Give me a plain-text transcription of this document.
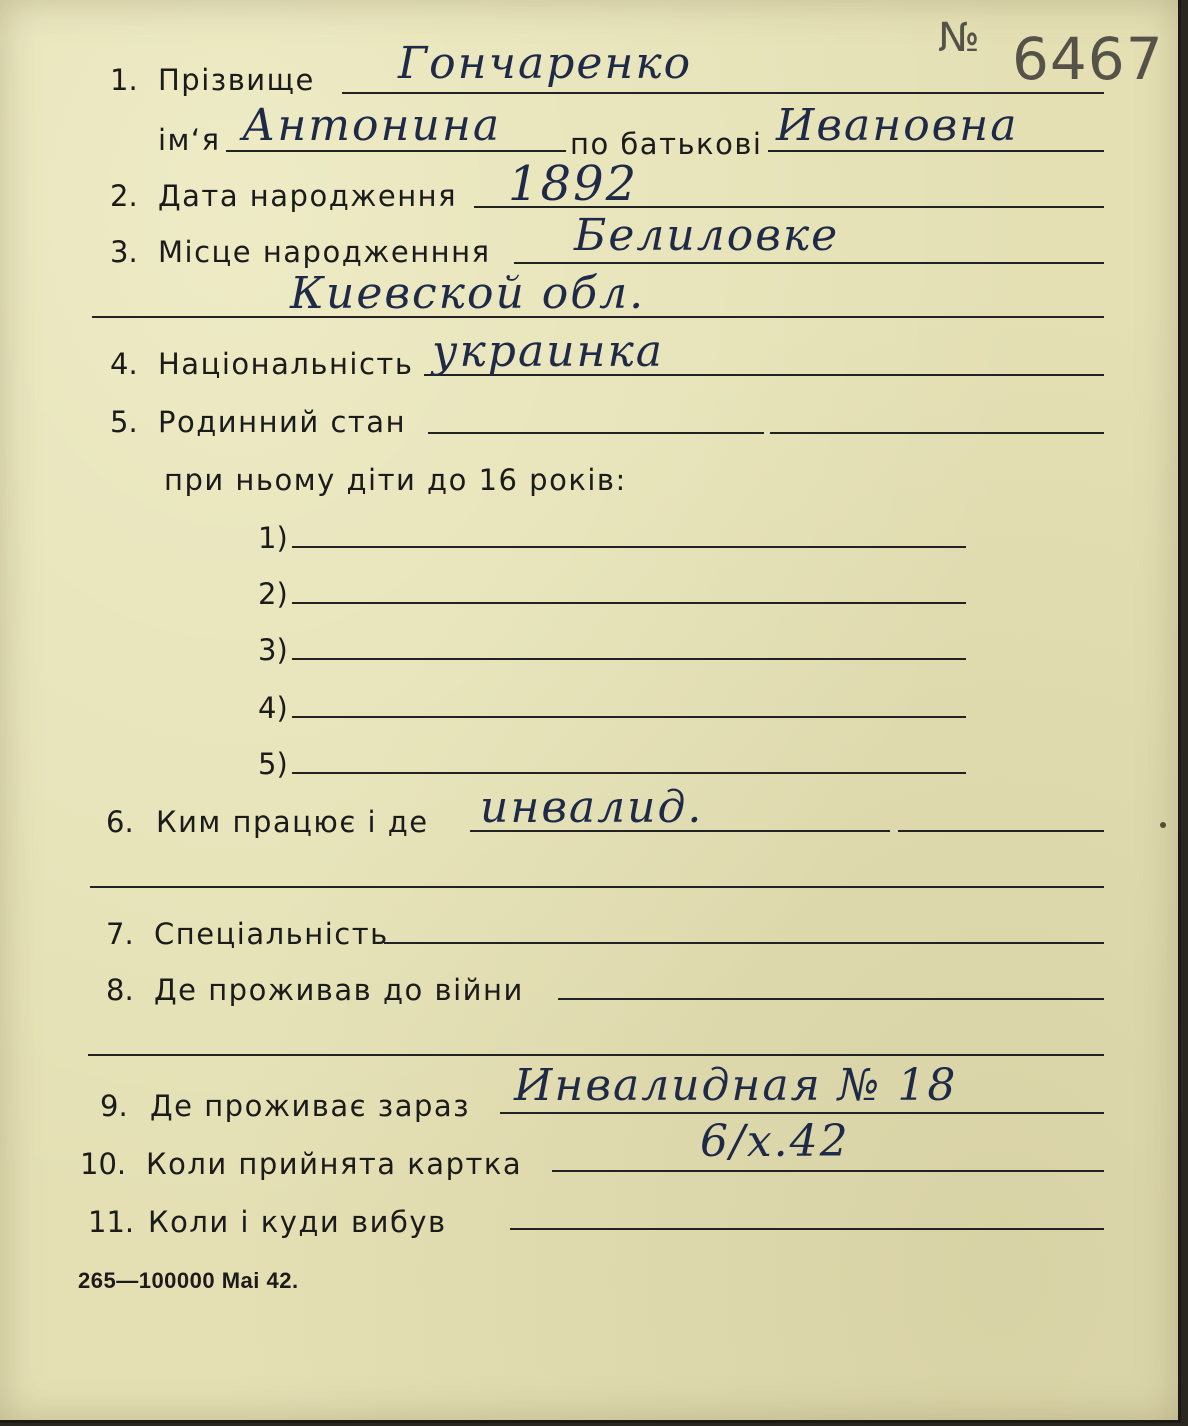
№ 6467
1. Прізвище Гончаренко
ім‘я Антонина по батькові Ивановна
2. Дата народження 1892
3. Місце народженння Белиловке
Киевской обл.
4. Національність украинка
5. Родинний стан
при ньому діти до 16 років:
1)
2)
3)
4)
5)
6. Ким працює і де инвалид.
7. Спеціальність
8. Де проживав до війни
9. Де проживає зараз Инвалидная № 18
10. Коли прийнята картка	6/x.42
11. Коли і куди вибув
265—100000 Mai 42.
